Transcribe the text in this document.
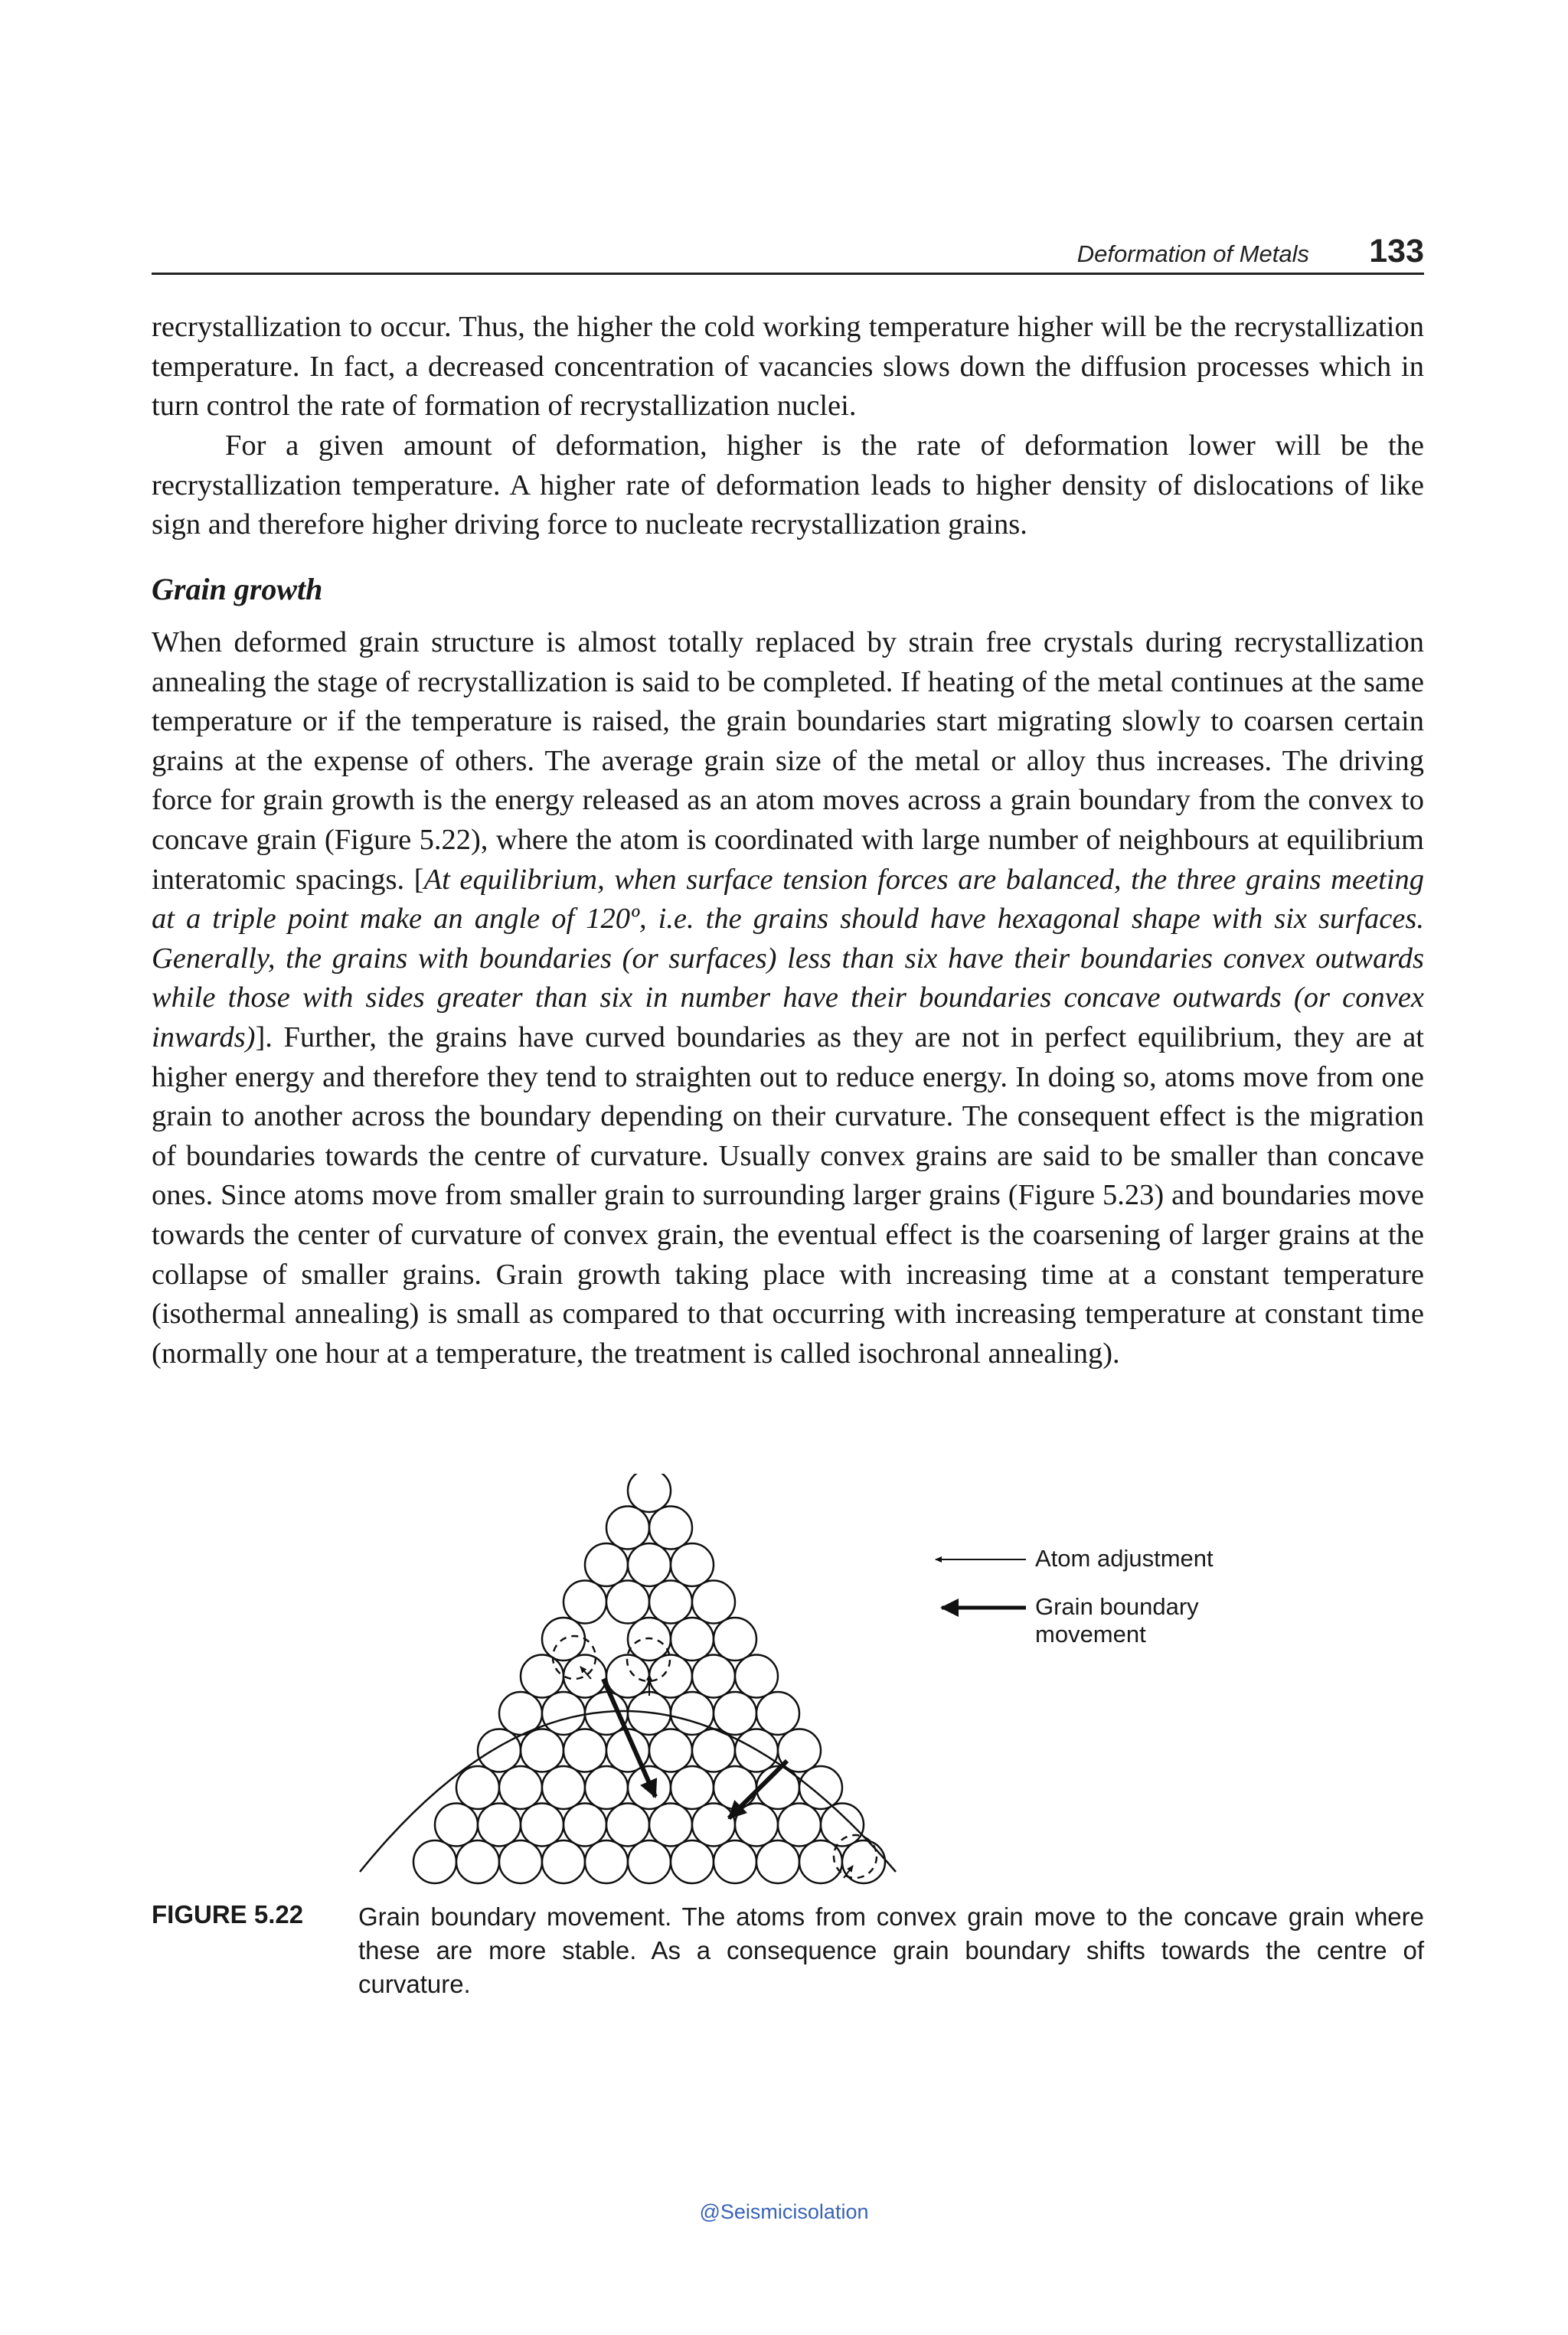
Deformation of Metals 133

recrystallization to occur. Thus, the higher the cold working temperature higher will be the recrystallization temperature. In fact, a decreased concentration of vacancies slows down the diffusion processes which in turn control the rate of formation of recrystallization nuclei.

For a given amount of deformation, higher is the rate of deformation lower will be the recrystallization temperature. A higher rate of deformation leads to higher density of dislocations of like sign and therefore higher driving force to nucleate recrystallization grains.

Grain growth

When deformed grain structure is almost totally replaced by strain free crystals during recrystallization annealing the stage of recrystallization is said to be completed. If heating of the metal continues at the same temperature or if the temperature is raised, the grain boundaries start migrating slowly to coarsen certain grains at the expense of others. The average grain size of the metal or alloy thus increases. The driving force for grain growth is the energy released as an atom moves across a grain boundary from the convex to concave grain (Figure 5.22), where the atom is coordinated with large number of neighbours at equilibrium interatomic spacings. [At equilibrium, when surface tension forces are balanced, the three grains meeting at a triple point make an angle of 120º, i.e. the grains should have hexagonal shape with six surfaces. Generally, the grains with boundaries (or surfaces) less than six have their boundaries convex outwards while those with sides greater than six in number have their boundaries concave outwards (or convex inwards)]. Further, the grains have curved boundaries as they are not in perfect equilibrium, they are at higher energy and therefore they tend to straighten out to reduce energy. In doing so, atoms move from one grain to another across the boundary depending on their curvature. The consequent effect is the migration of boundaries towards the centre of curvature. Usually convex grains are said to be smaller than concave ones. Since atoms move from smaller grain to surrounding larger grains (Figure 5.23) and boundaries move towards the center of curvature of convex grain, the eventual effect is the coarsening of larger grains at the collapse of smaller grains. Grain growth taking place with increasing time at a constant temperature (isothermal annealing) is small as compared to that occurring with increasing temperature at constant time (normally one hour at a temperature, the treatment is called isochronal annealing).

Atom adjustment
Grain boundary
movement
FIGURE 5.22 Grain boundary movement. The atoms from convex grain move to the concave grain where these are more stable. As a consequence grain boundary shifts towards the centre of curvature.

@Seismicisolation
